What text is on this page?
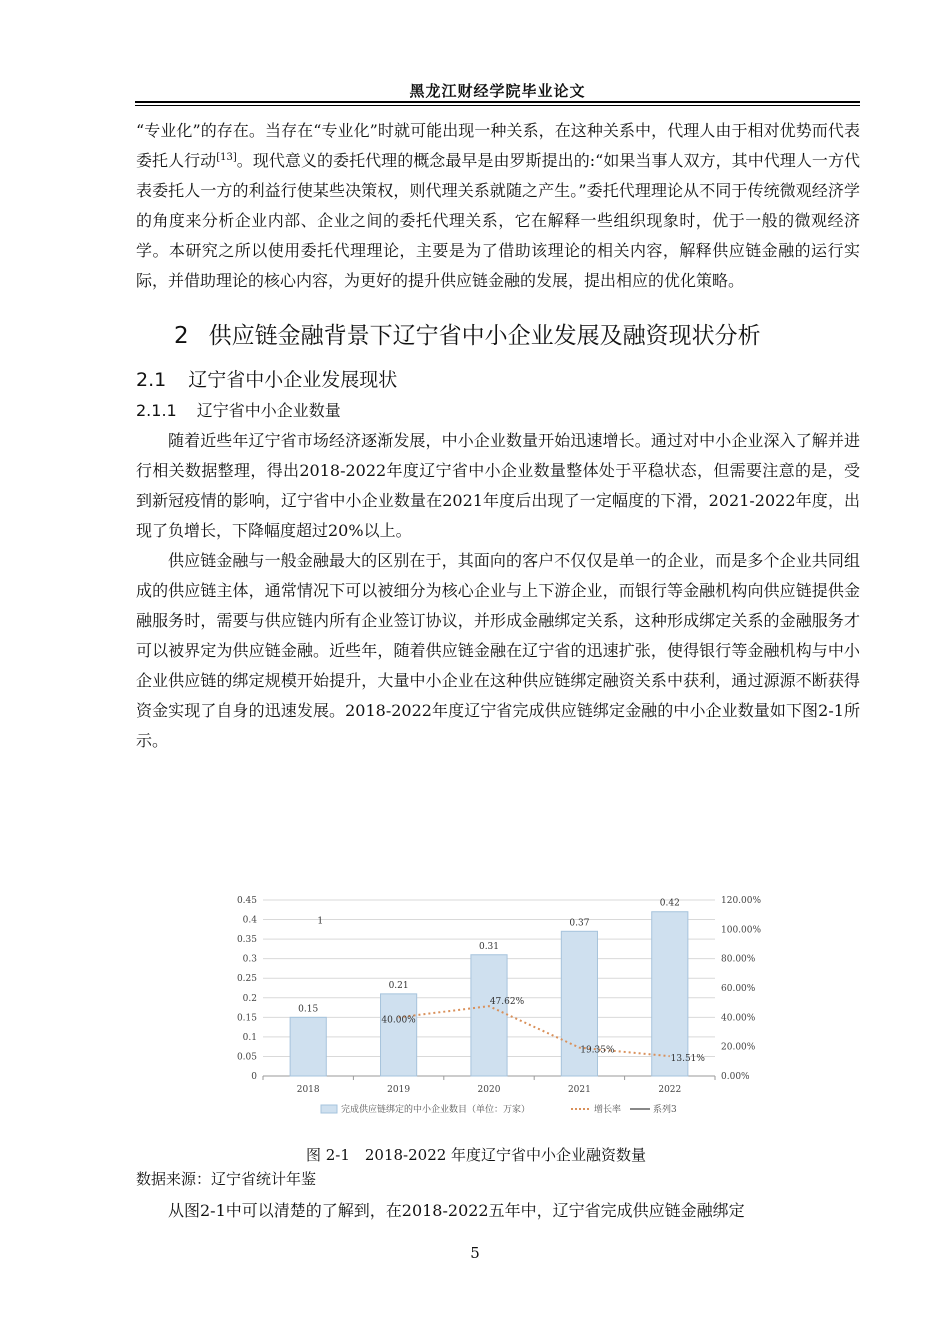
黑龙江财经学院毕业论文

“专业化”的存在。当存在“专业化”时就可能出现一种关系，在这种关系中，代理人由于相对优势而代表委托人行动[13]。现代意义的委托代理的概念最早是由罗斯提出的:“如果当事人双方，其中代理人一方代表委托人一方的利益行使某些决策权，则代理关系就随之产生。”委托代理理论从不同于传统微观经济学的角度来分析企业内部、企业之间的委托代理关系，它在解释一些组织现象时，优于一般的微观经济学。本研究之所以使用委托代理理论，主要是为了借助该理论的相关内容，解释供应链金融的运行实际，并借助理论的核心内容，为更好的提升供应链金融的发展，提出相应的优化策略。

2 供应链金融背景下辽宁省中小企业发展及融资现状分析
2.1 辽宁省中小企业发展现状
2.1.1 辽宁省中小企业数量

随着近些年辽宁省市场经济逐渐发展，中小企业数量开始迅速增长。通过对中小企业深入了解并进行相关数据整理，得出2018-2022年度辽宁省中小企业数量整体处于平稳状态，但需要注意的是，受到新冠疫情的影响，辽宁省中小企业数量在2021年度后出现了一定幅度的下滑，2021-2022年度，出现了负增长，下降幅度超过20%以上。

供应链金融与一般金融最大的区别在于，其面向的客户不仅仅是单一的企业，而是多个企业共同组成的供应链主体，通常情况下可以被细分为核心企业与上下游企业，而银行等金融机构向供应链提供金融服务时，需要与供应链内所有企业签订协议，并形成金融绑定关系，这种形成绑定关系的金融服务才可以被界定为供应链金融。近些年，随着供应链金融在辽宁省的迅速扩张，使得银行等金融机构与中小企业供应链的绑定规模开始提升，大量中小企业在这种供应链绑定融资关系中获利，通过源源不断获得资金实现了自身的迅速发展。2018-2022年度辽宁省完成供应链绑定金融的中小企业数量如下图2-1所示。

0
0.05
0.1
0.15
0.2
0.25
0.3
0.35
0.4
0.45
0.00%
20.00%
40.00%
60.00%
80.00%
100.00%
120.00%
2018	2019	2020	2021	2022
0.15
0.21
0.31
0.37
0.42
1
40.00%
47.62%
19.35%
13.51%
完成供应链绑定的中小企业数目（单位：万家）	增长率	系列3
图 2-1　2018-2022 年度辽宁省中小企业融资数量
数据来源：辽宁省统计年鉴
从图2-1中可以清楚的了解到，在2018-2022五年中，辽宁省完成供应链金融绑定
5
